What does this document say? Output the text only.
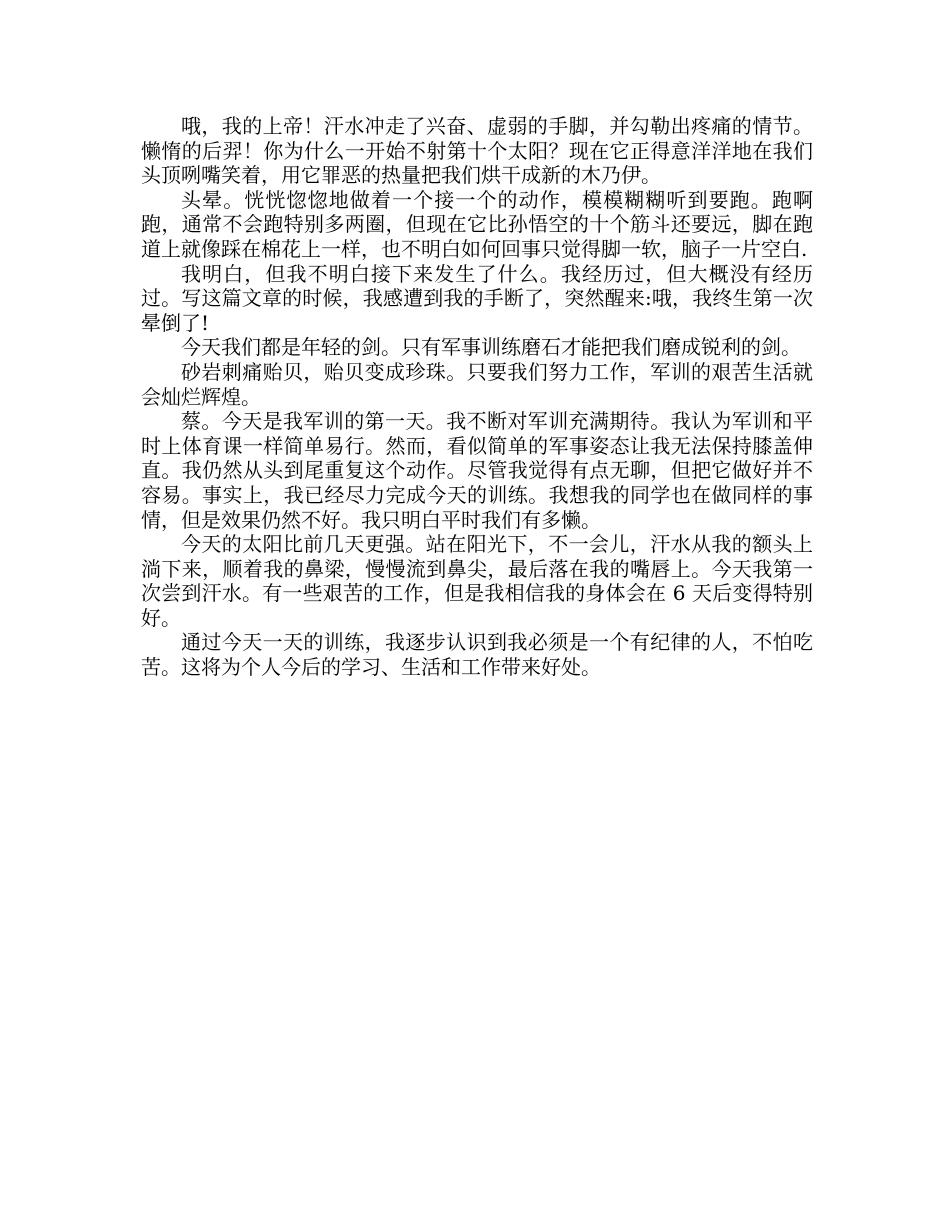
哦，我的上帝！汗水冲走了兴奋、虚弱的手脚，并勾勒出疼痛的情节。懒惰的后羿！你为什么一开始不射第十个太阳？现在它正得意洋洋地在我们头顶咧嘴笑着，用它罪恶的热量把我们烘干成新的木乃伊。

头晕。恍恍惚惚地做着一个接一个的动作，模模糊糊听到要跑。跑啊跑，通常不会跑特别多两圈，但现在它比孙悟空的十个筋斗还要远，脚在跑道上就像踩在棉花上一样，也不明白如何回事只觉得脚一软，脑子一片空白.

我明白，但我不明白接下来发生了什么。我经历过，但大概没有经历过。写这篇文章的时候，我感遭到我的手断了，突然醒来:哦，我终生第一次晕倒了!

今天我们都是年轻的剑。只有军事训练磨石才能把我们磨成锐利的剑。

砂岩刺痛贻贝，贻贝变成珍珠。只要我们努力工作，军训的艰苦生活就会灿烂辉煌。

蔡。今天是我军训的第一天。我不断对军训充满期待。我认为军训和平时上体育课一样简单易行。然而，看似简单的军事姿态让我无法保持膝盖伸直。我仍然从头到尾重复这个动作。尽管我觉得有点无聊，但把它做好并不容易。事实上，我已经尽力完成今天的训练。我想我的同学也在做同样的事情，但是效果仍然不好。我只明白平时我们有多懒。

今天的太阳比前几天更强。站在阳光下，不一会儿，汗水从我的额头上淌下来，顺着我的鼻梁，慢慢流到鼻尖，最后落在我的嘴唇上。今天我第一次尝到汗水。有一些艰苦的工作，但是我相信我的身体会在 6 天后变得特别好。

通过今天一天的训练，我逐步认识到我必须是一个有纪律的人，不怕吃苦。这将为个人今后的学习、生活和工作带来好处。
